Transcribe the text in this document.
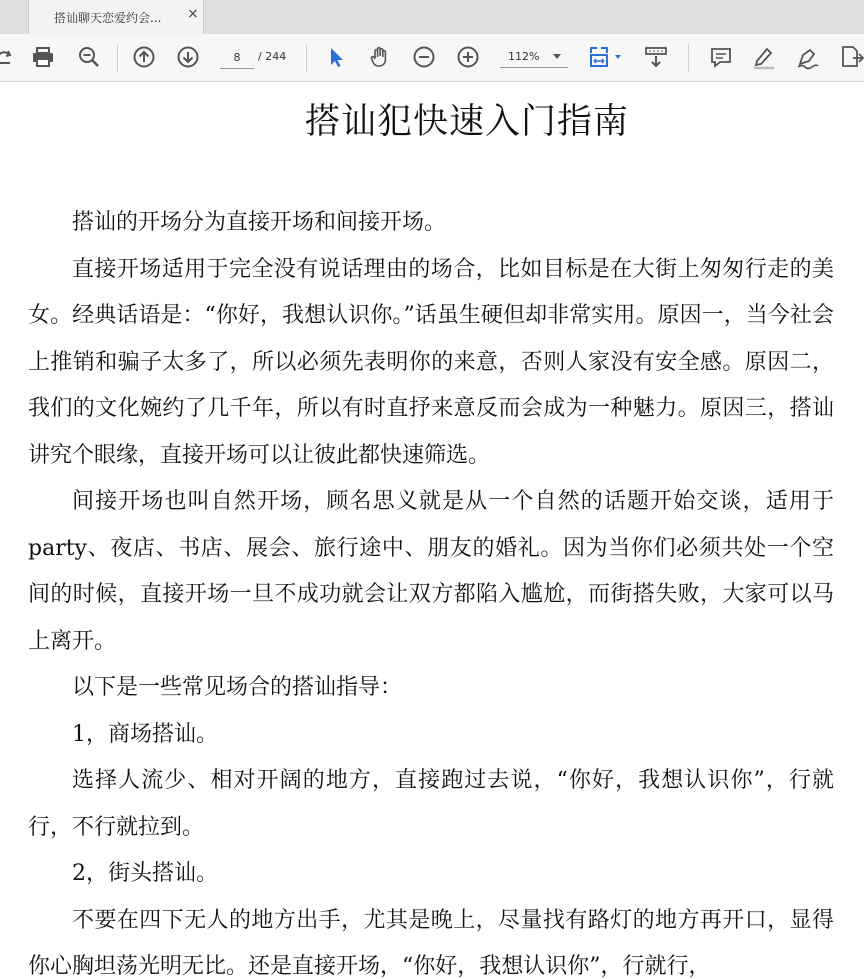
搭讪聊天恋爱约会...	×
8
/ 244	112%
搭讪犯快速入门指南

搭讪的开场分为直接开场和间接开场。

直接开场适用于完全没有说话理由的场合，比如目标是在大街上匆匆行走的美女。经典话语是：“你好，我想认识你。”话虽生硬但却非常实用。原因一，当今社会上推销和骗子太多了，所以必须先表明你的来意，否则人家没有安全感。原因二，我们的文化婉约了几千年，所以有时直抒来意反而会成为一种魅力。原因三，搭讪讲究个眼缘，直接开场可以让彼此都快速筛选。

间接开场也叫自然开场，顾名思义就是从一个自然的话题开始交谈，适用于 party、夜店、书店、展会、旅行途中、朋友的婚礼。因为当你们必须共处一个空间的时候，直接开场一旦不成功就会让双方都陷入尴尬，而街搭失败，大家可以马上离开。

以下是一些常见场合的搭讪指导：

1，商场搭讪。

选择人流少、相对开阔的地方，直接跑过去说，“你好，我想认识你”，行就行，不行就拉到。

2，街头搭讪。

不要在四下无人的地方出手，尤其是晚上，尽量找有路灯的地方再开口，显得你心胸坦荡光明无比。还是直接开场，“你好，我想认识你”，行就行，
